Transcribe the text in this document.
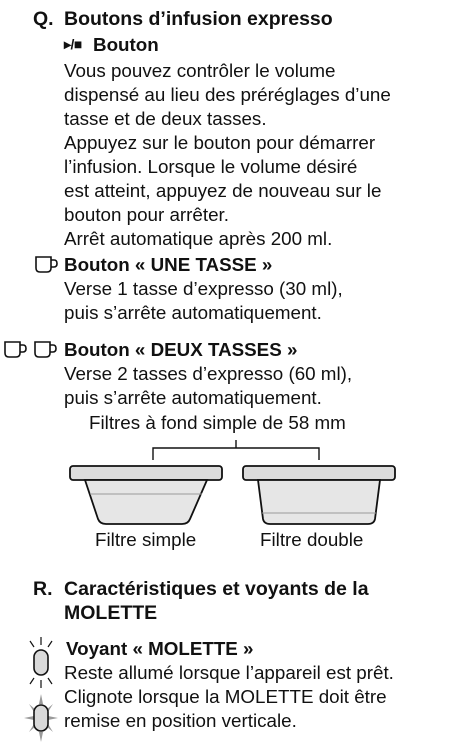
Q. Boutons d’infusion expresso
▸/■ Bouton
Vous pouvez contrôler le volume
dispensé au lieu des préréglages d’une
tasse et de deux tasses.
Appuyez sur le bouton pour démarrer
l’infusion. Lorsque le volume désiré
est atteint, appuyez de nouveau sur le
bouton pour arrêter.
Arrêt automatique après 200 ml.
Bouton « UNE TASSE »
Verse 1 tasse d’expresso (30 ml),
puis s’arrête automatiquement.
Bouton « DEUX TASSES »
Verse 2 tasses d’expresso (60 ml),
puis s’arrête automatiquement.
Filtres à fond simple de 58 mm
Filtre simple	Filtre double
R. Caractéristiques et voyants de la
MOLETTE
Voyant « MOLETTE »
Reste allumé lorsque l’appareil est prêt.
Clignote lorsque la MOLETTE doit être
remise en position verticale.
